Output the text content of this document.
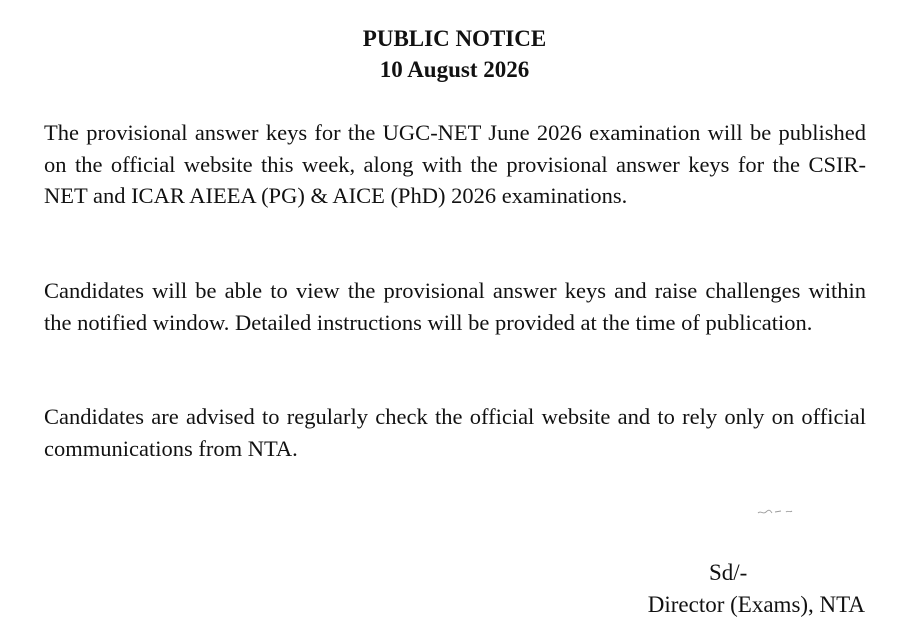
PUBLIC NOTICE
10 August 2026
The provisional answer keys for the UGC-NET June 2026 examination will be published on the official website this week, along with the provisional answer keys for the CSIR-NET and ICAR AIEEA (PG) & AICE (PhD) 2026 examinations.
Candidates will be able to view the provisional answer keys and raise challenges within the notified window. Detailed instructions will be provided at the time of publication.
Candidates are advised to regularly check the official website and to rely only on official communications from NTA.
Sd/-
Director (Exams), NTA
